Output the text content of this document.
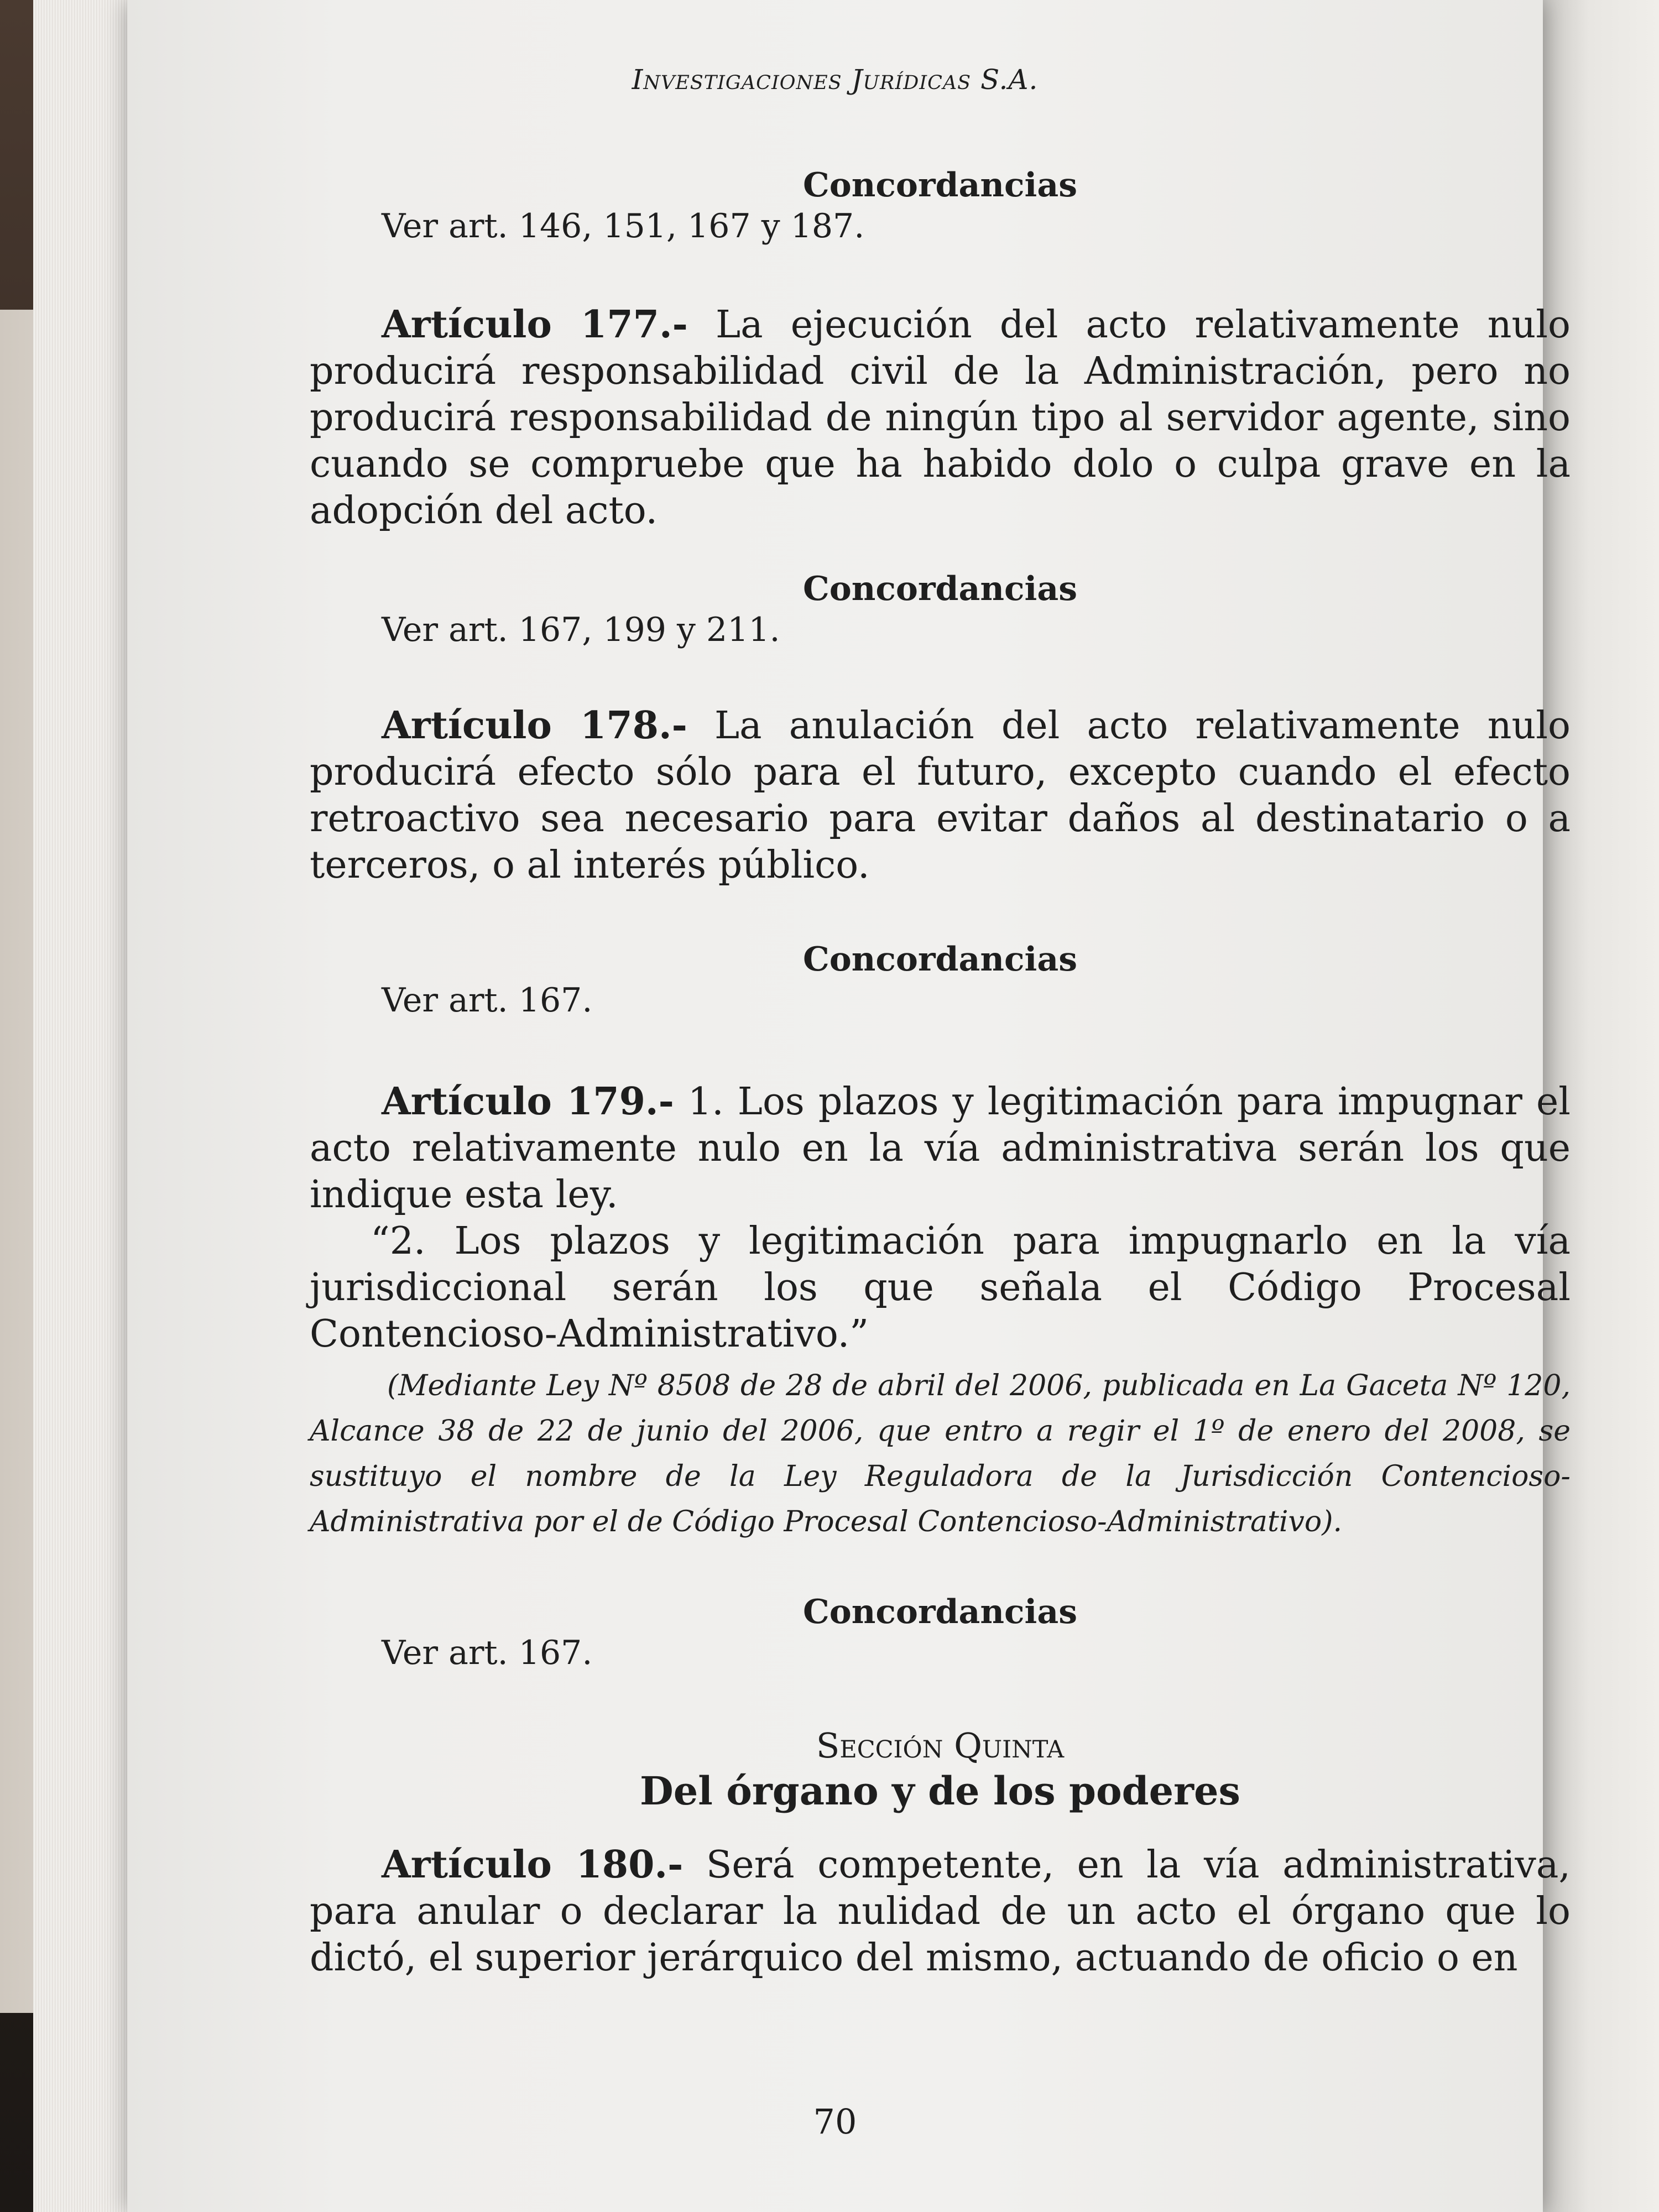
Investigaciones Jurídicas S.A.
Concordancias
Ver art. 146, 151, 167 y 187.
Artículo 177.- La ejecución del acto relativamente nulo producirá responsabilidad civil de la Administración, pero no producirá responsabilidad de ningún tipo al servidor agente, sino cuando se compruebe que ha habido dolo o culpa grave en la adopción del acto.
Concordancias
Ver art. 167, 199 y 211.
Artículo 178.- La anulación del acto relativamente nulo producirá efecto sólo para el futuro, excepto cuando el efecto retroactivo sea necesario para evitar daños al destinatario o a terceros, o al interés público.
Concordancias
Ver art. 167.
Artículo 179.- 1. Los plazos y legitimación para impugnar el acto relativamente nulo en la vía administrativa serán los que indique esta ley.
“2. Los plazos y legitimación para impugnarlo en la vía jurisdiccional serán los que señala el Código Procesal Contencioso-Administrativo.”
(Mediante Ley Nº 8508 de 28 de abril del 2006, publicada en La Gaceta Nº 120, Alcance 38 de 22 de junio del 2006, que entro a regir el 1º de enero del 2008, se sustituyo el nombre de la Ley Reguladora de la Jurisdicción Contencioso-Administrativa por el de Código Procesal Contencioso-Administrativo).
Concordancias
Ver art. 167.
Sección Quinta
Del órgano y de los poderes
Artículo 180.- Será competente, en la vía administrativa, para anular o declarar la nulidad de un acto el órgano que lo dictó, el superior jerárquico del mismo, actuando de oficio o en
70
